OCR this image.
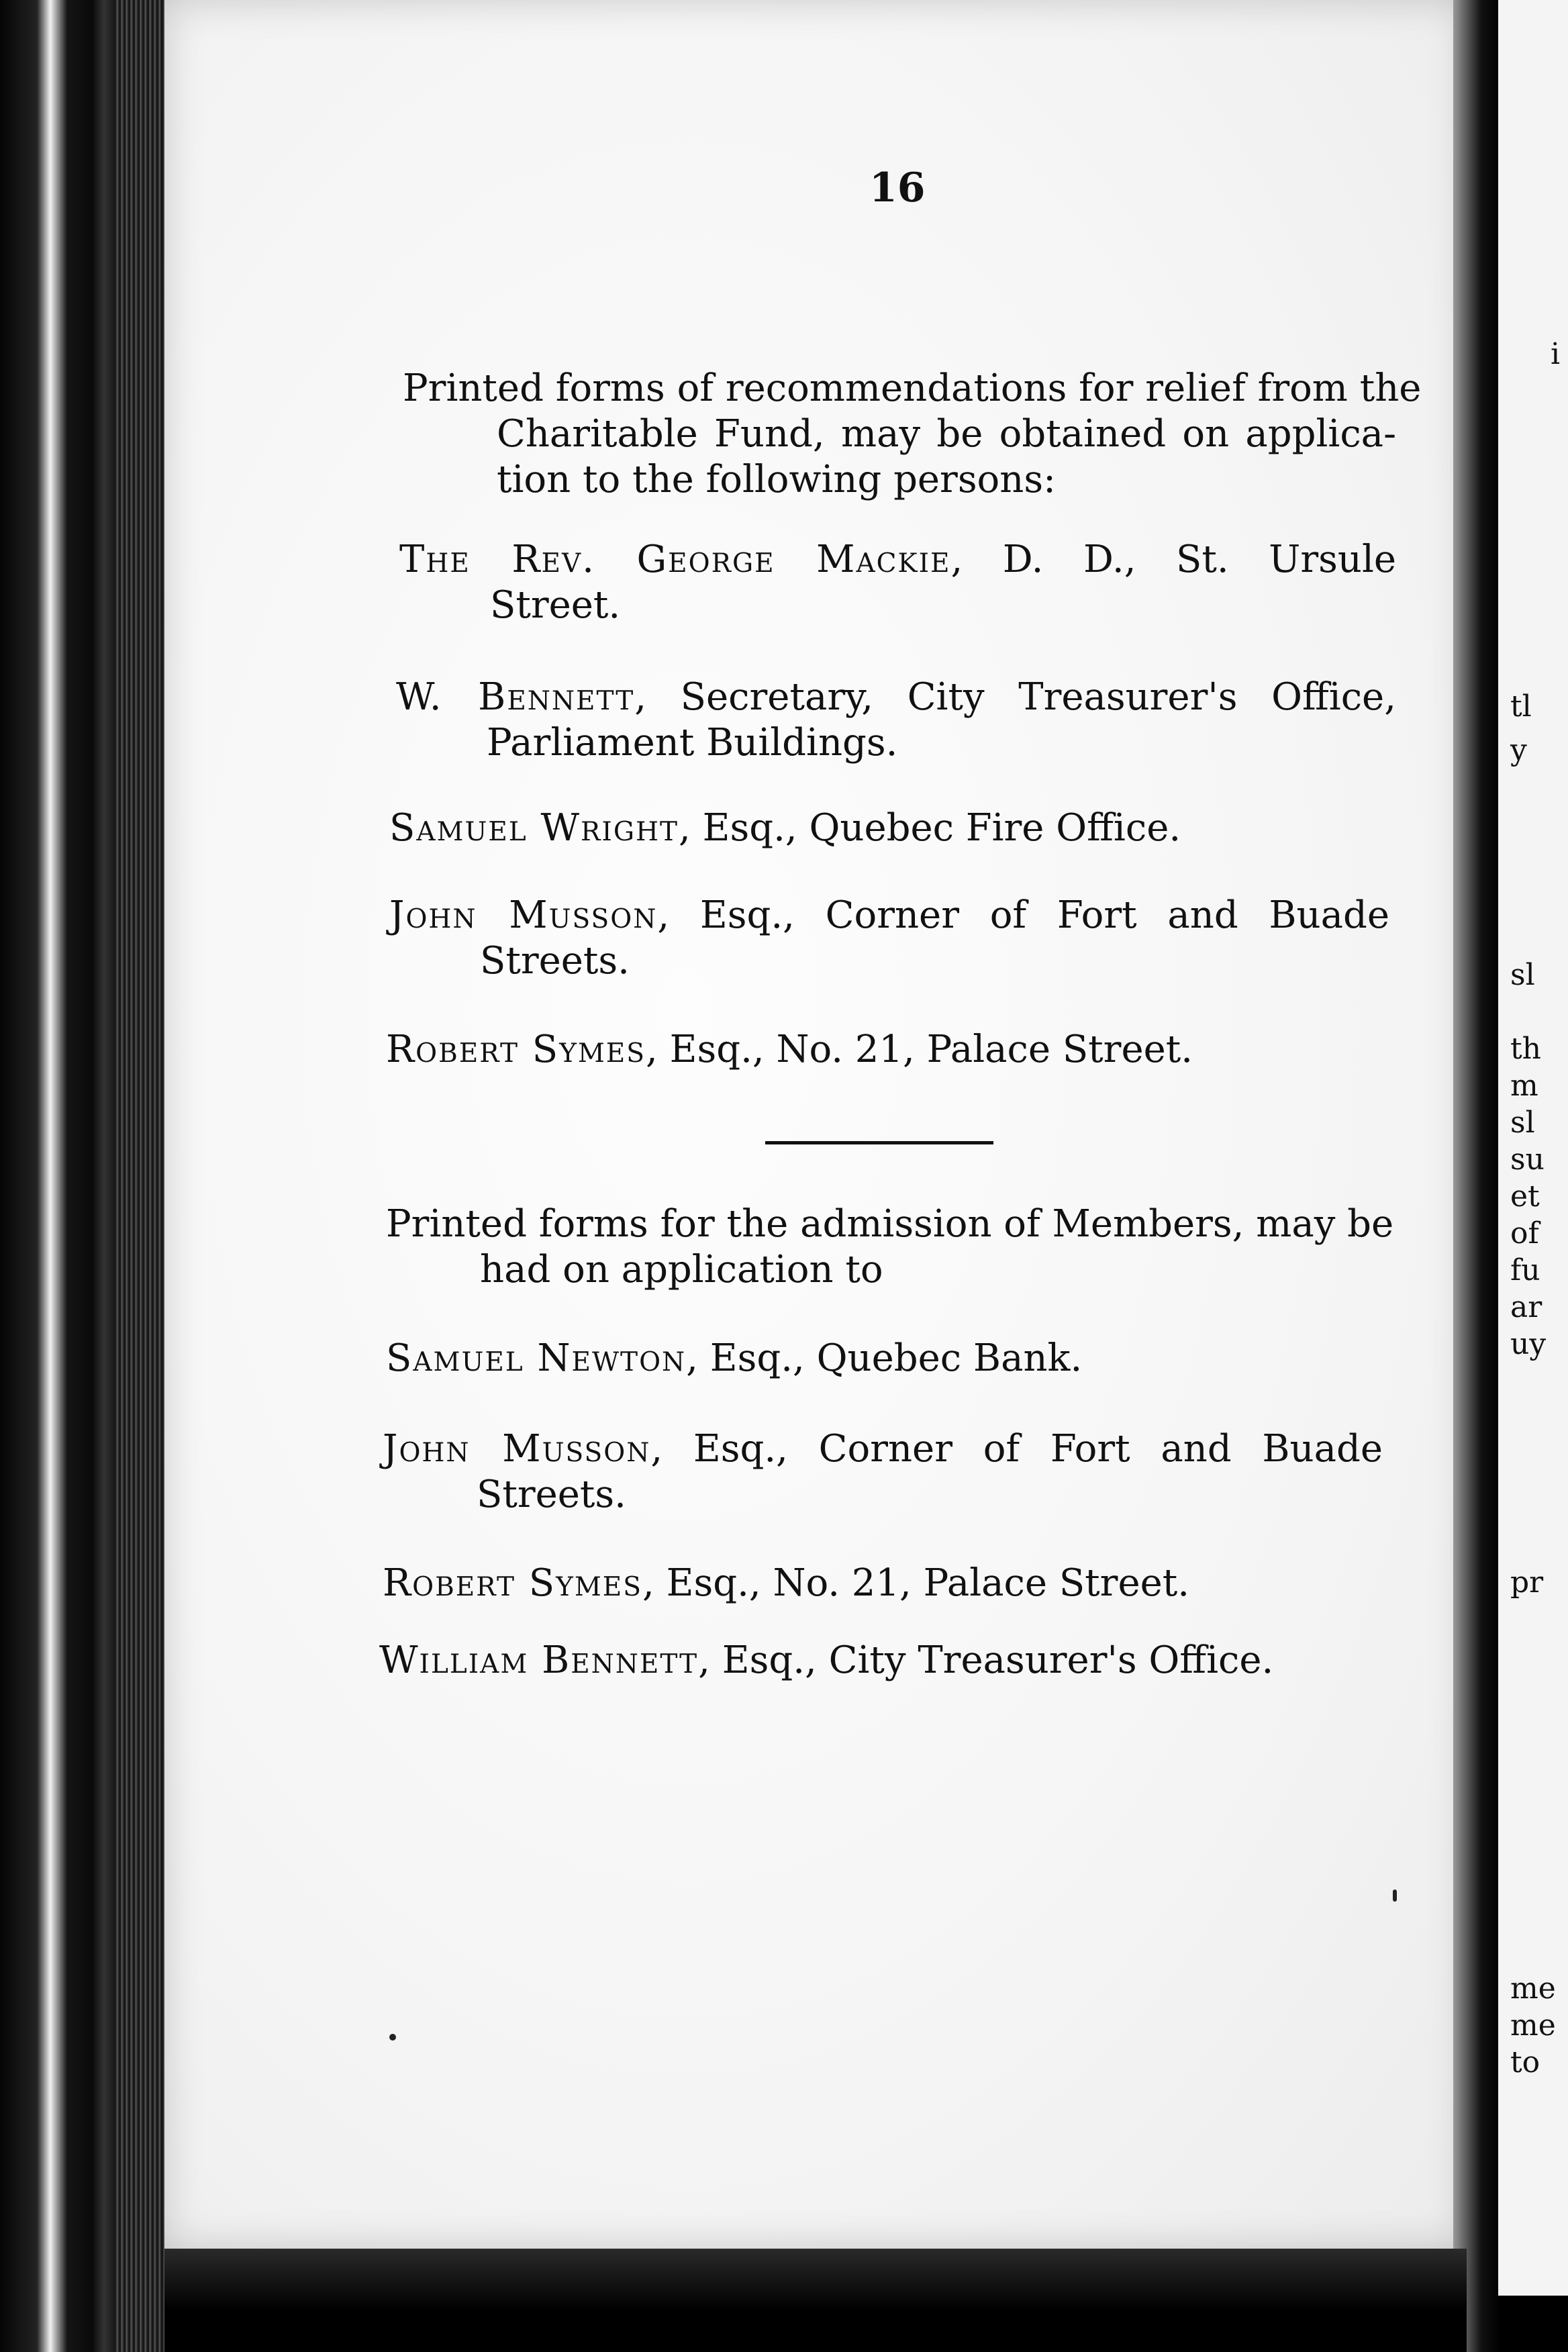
16
Printed forms of recommendations for relief from the
Charitable Fund, may be obtained on applica-
tion to the following persons:
The Rev. George Mackie, D. D., St. Ursule
Street.
W. Bennett, Secretary, City Treasurer's Office,
Parliament Buildings.
Samuel Wright, Esq., Quebec Fire Office.
John Musson, Esq., Corner of Fort and Buade
Streets.
Robert Symes, Esq., No. 21, Palace Street.
Printed forms for the admission of Members, may be
had on application to
Samuel Newton, Esq., Quebec Bank.
John Musson, Esq., Corner of Fort and Buade
Streets.
Robert Symes, Esq., No. 21, Palace Street.
William Bennett, Esq., City Treasurer's Office.
i
tl
y
sl
th
m
sl
su
et
of
fu
ar
uy
pr
me
me
to
